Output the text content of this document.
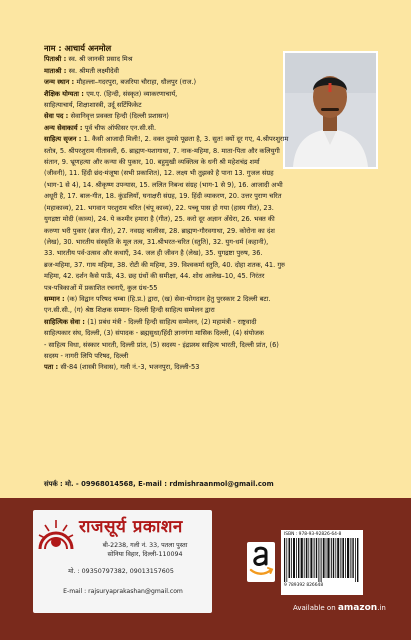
नाम : आचार्य अनमोल
पिताश्री : स्व. श्री जानकी प्रसाद मिश्र
माताश्री : स्व. श्रीमती लक्ष्मीदेवी
जन्म स्थान : मौहल्ला–गदरपुरा, बजरिया चौराहा, धौलपुर (राज.)
शैक्षिक योग्यता : एम.ए. (हिन्दी, संस्कृत) व्याकरणाचार्य,
साहित्याचार्य, शिक्षाशास्त्री, उर्दू सर्टिफिकेट
सेवा पद : सेवानिवृत्त प्रवक्ता हिन्दी (दिल्ली प्रशासन)
अन्य सेवाकार्य : पूर्व चीफ ऑफीसर एन.सी.सी.
साहित्य सृजन : 1. कैसी आजादी मिली!, 2. वक्त तुमसे पूछता है, 3. सुत! क्यों दूर गए, 4.श्रीपरशुराम
स्तोत्र, 5. श्रीपरशुराम गीतावली, 6. ब्राह्मण-यशागाथा, 7. नाक-महिमा, 8. माता-पिता और कलियुगी
संतान, 9. भ्रूणहत्या और कन्या की पुकार, 10. बहुमुखी व्यक्तित्व के धनी श्री महेशचंद्र शर्मा
(जीवनी), 11. हिंदी छंद-मंजूषा (सभी प्रकाशित), 12. लक्ष्य भी तुझको है पाना 13. गुजल संग्रह
(भाग-1 से 4), 14. श्रीकृष्ण उपन्यास, 15. ललित निबन्ध संग्रह (भाग-1 से 9), 16. आजादी अभी
अधूरी है, 17. बाल-गीत, 18. कुंडलियाँ, घनाक्षरी संग्रह, 19. हिंदी व्याकरण, 20. उत्तर पुराण चरित
(महाकाव्य), 21. भगवान परशुराम चरित (चंपू काव्य), 22. पच्चू पास हो गया (हास्य गीत), 23.
युगद्रष्टा मोदी (काव्य), 24. ये कश्मीर हमारा है (गीत), 25. करो दूर अज्ञान अँधेरा, 26. भक्त की
करुणा भरी पुकार (ब्रज गीत), 27. नवग्रह चालीसा, 28. ब्राह्मण-गौरवगाथा, 29. कोरोना का दंश
(लेख), 30. भारतीय संस्कृति के मूल तत्व, 31.श्रीभरत-चरित (स्तुति), 32. युग-धर्म (कहानी),
33. भारतीय पर्व-उत्सव और कथाएँ, 34. जल ही जीवन है (लेख), 35. युगद्रष्टा पुरुष, 36.
ब्रज-महिमा, 37. गाय महिमा, 38. रोटी की महिमा, 39. विश्वकर्मा स्तुति, 40. दोहा शतक, 41. गुरु
महिमा, 42. दर्शन कैसे पाऊँ, 43. छह ग्रंथों की समीक्षा, 44. शोध आलेख–10, 45. निरंतर
पत्र-पत्रिकाओं में प्रकाशित रचनाएँ, कुल ग्रंथ-55
सम्मान : (क) विद्वान परिषद चम्बा (हि.प्र.) द्वारा, (ख) सेवा-योगदान हेतु पुरस्कार 2 दिल्ली बटा.
एन.सी.सी., (ग) श्रेष्ठ शिक्षक सम्मान- दिल्ली हिन्दी साहित्य सम्मेलन द्वारा
साहित्यिक सेवा : (1) प्रबंध मंत्री - दिल्ली हिन्दी साहित्य सम्मेलन, (2) महामंत्री - राष्ट्रवादी
साहित्यकार संघ, दिल्ली, (3) संपादक - ब्रह्मसुधा/हिंदी ज्ञानगंगा मासिक दिल्ली, (4) संयोजक
- साहित्य विधा, संस्कार भारती, दिल्ली प्रांत, (5) सदस्य - इंद्रप्रस्थ साहित्य भारती, दिल्ली प्रांत, (6)
सदस्य - नागरी लिपि परिषद, दिल्ली
पता : सी-84 (शास्त्री निवास), गली नं.-3, भजनपुरा, दिल्ली-53
संपर्क : मो. - 09968014568, E-mail : rdmishraanmol@gmail.com
राजसूर्य प्रकाशन
बी-2238, गली नं. 33, पतला पुस्ता
सोनिया विहार, दिल्ली-110094
मो. : 09350797382, 09013157605
E-mail : rajsuryaprakashan@gmail.com
ISBN : 978-93-92826-64-8
9 789392 826648
Available on amazon.in
